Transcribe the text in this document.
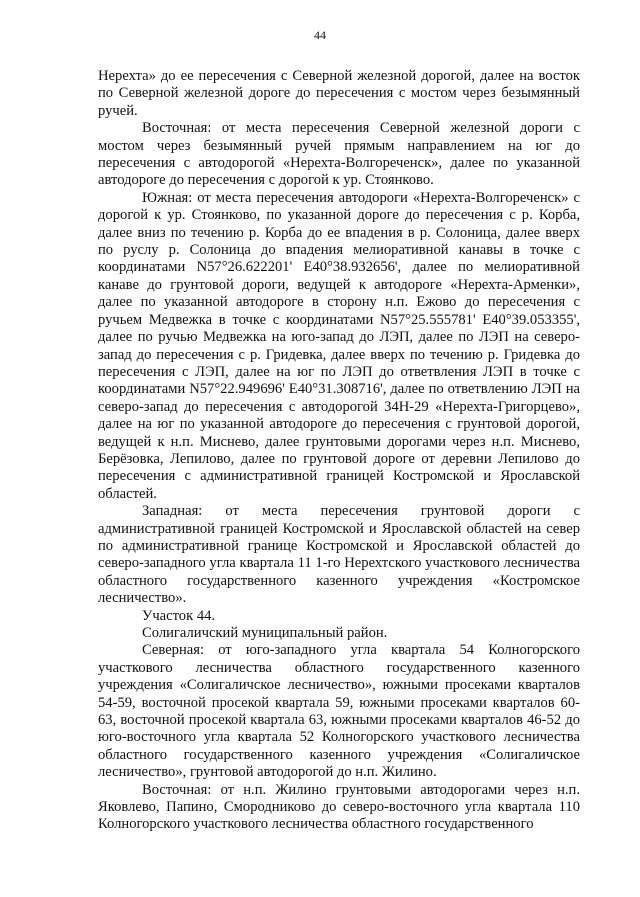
44

Нерехта» до ее пересечения с Северной железной дорогой, далее на восток по Северной железной дороге до пересечения с мостом через безымянный ручей.

Восточная: от места пересечения Северной железной дороги с мостом через безымянный ручей прямым направлением на юг до пересечения с автодорогой «Нерехта-Волгореченск», далее по указанной автодороге до пересечения с дорогой к ур. Стоянково.

Южная: от места пересечения автодороги «Нерехта-Волгореченск» с дорогой к ур. Стоянково, по указанной дороге до пересечения с р. Корба, далее вниз по течению р. Корба до ее впадения в р. Солоница, далее вверх по руслу р. Солоница до впадения мелиоративной канавы в точке с координатами N57°26.622201' E40°38.932656', далее по мелиоративной канаве до грунтовой дороги, ведущей к автодороге «Нерехта-Арменки», далее по указанной автодороге в сторону н.п. Ежово до пересечения с ручьем Медвежка в точке с координатами N57°25.555781' E40°39.053355', далее по ручью Медвежка на юго-запад до ЛЭП, далее по ЛЭП на северо-запад до пересечения с р. Гридевка, далее вверх по течению р. Гридевка до пересечения с ЛЭП, далее на юг по ЛЭП до ответвления ЛЭП в точке с координатами N57°22.949696' E40°31.308716', далее по ответвлению ЛЭП на северо-запад до пересечения с автодорогой 34Н-29 «Нерехта-Григорцево», далее на юг по указанной автодороге до пересечения с грунтовой дорогой, ведущей к н.п. Миснево, далее грунтовыми дорогами через н.п. Миснево, Берёзовка, Лепилово, далее по грунтовой дороге от деревни Лепилово до пересечения с административной границей Костромской и Ярославской областей.

Западная: от места пересечения грунтовой дороги с административной границей Костромской и Ярославской областей на север по административной границе Костромской и Ярославской областей до северо-западного угла квартала 11 1-го Нерехтского участкового лесничества областного государственного казенного учреждения «Костромское лесничество».

Участок 44.

Солигаличский муниципальный район.

Северная: от юго-западного угла квартала 54 Колногорского участкового лесничества областного государственного казенного учреждения «Солигаличское лесничество», южными просеками кварталов 54-59, восточной просекой квартала 59, южными просеками кварталов 60-63, восточной просекой квартала 63, южными просеками кварталов 46-52 до юго-восточного угла квартала 52 Колногорского участкового лесничества областного государственного казенного учреждения «Солигаличское лесничество», грунтовой автодорогой до н.п. Жилино.

Восточная: от н.п. Жилино грунтовыми автодорогами через н.п. Яковлево, Папино, Смородниково до северо-восточного угла квартала 110 Колногорского участкового лесничества областного государственного
